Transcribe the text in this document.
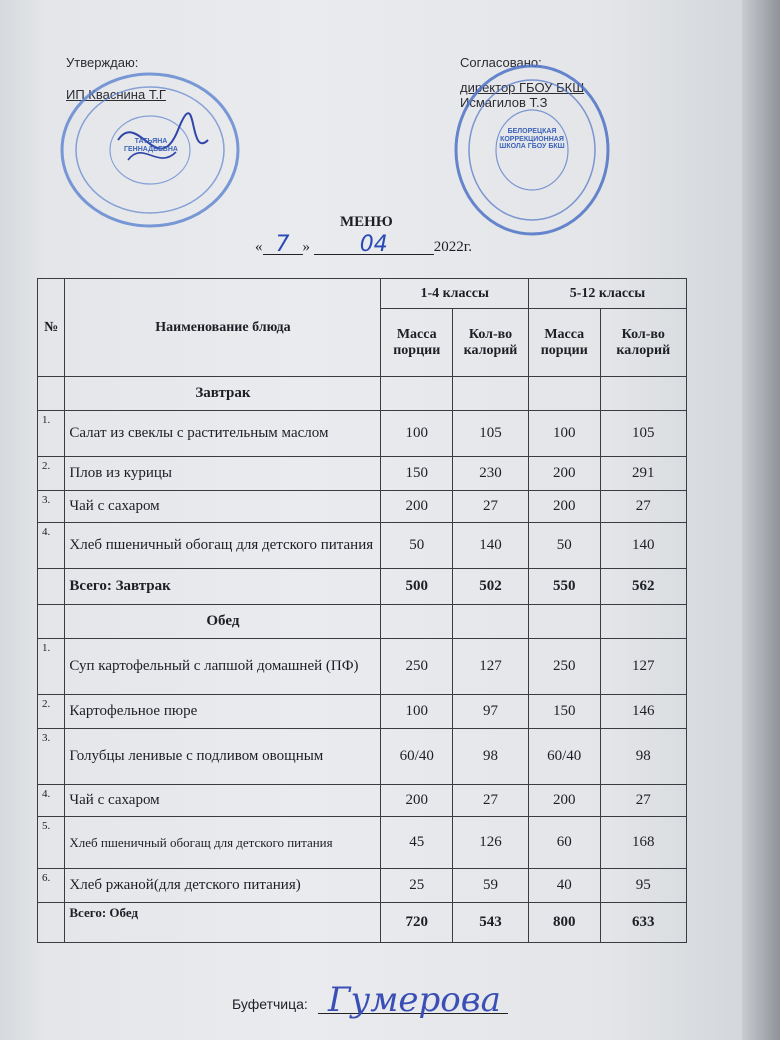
Утверждаю:
ИП Кваснина Т.Г
Согласовано:
директор ГБОУ БКШ
Исмагилов Т.З
ТАТЬЯНА ГЕННАДЬЕВНА
БЕЛОРЕЦКАЯ КОРРЕКЦИОННАЯ ШКОЛА ГБОУ БКШ
МЕНЮ
« 7 » 04	2022г.
№	Наименование блюда	1-4 классы		5-12 классы	
		Масса порции	Кол-во калорий	Масса порции	Кол-во калорий
	Завтрак				
1.	Салат из свеклы с растительным маслом	100	105	100	105
2.	Плов из курицы	150	230	200	291
3.	Чай с сахаром	200	27	200	27
4.	Хлеб пшеничный обогащ для детского питания	50	140	50	140
	Всего: Завтрак	500	502	550	562
	Обед				
1.	Суп картофельный с лапшой домашней (ПФ)	250	127	250	127
2.	Картофельное пюре	100	97	150	146
3.	Голубцы ленивые с подливом овощным	60/40	98	60/40	98
4.	Чай с сахаром	200	27	200	27
5.	Хлеб пшеничный обогащ для детского питания	45	126	60	168
6.	Хлеб ржаной(для детского питания)	25	59	40	95
	Всего: Обед	720	543	800	633
Буфетчица: Гумерова
